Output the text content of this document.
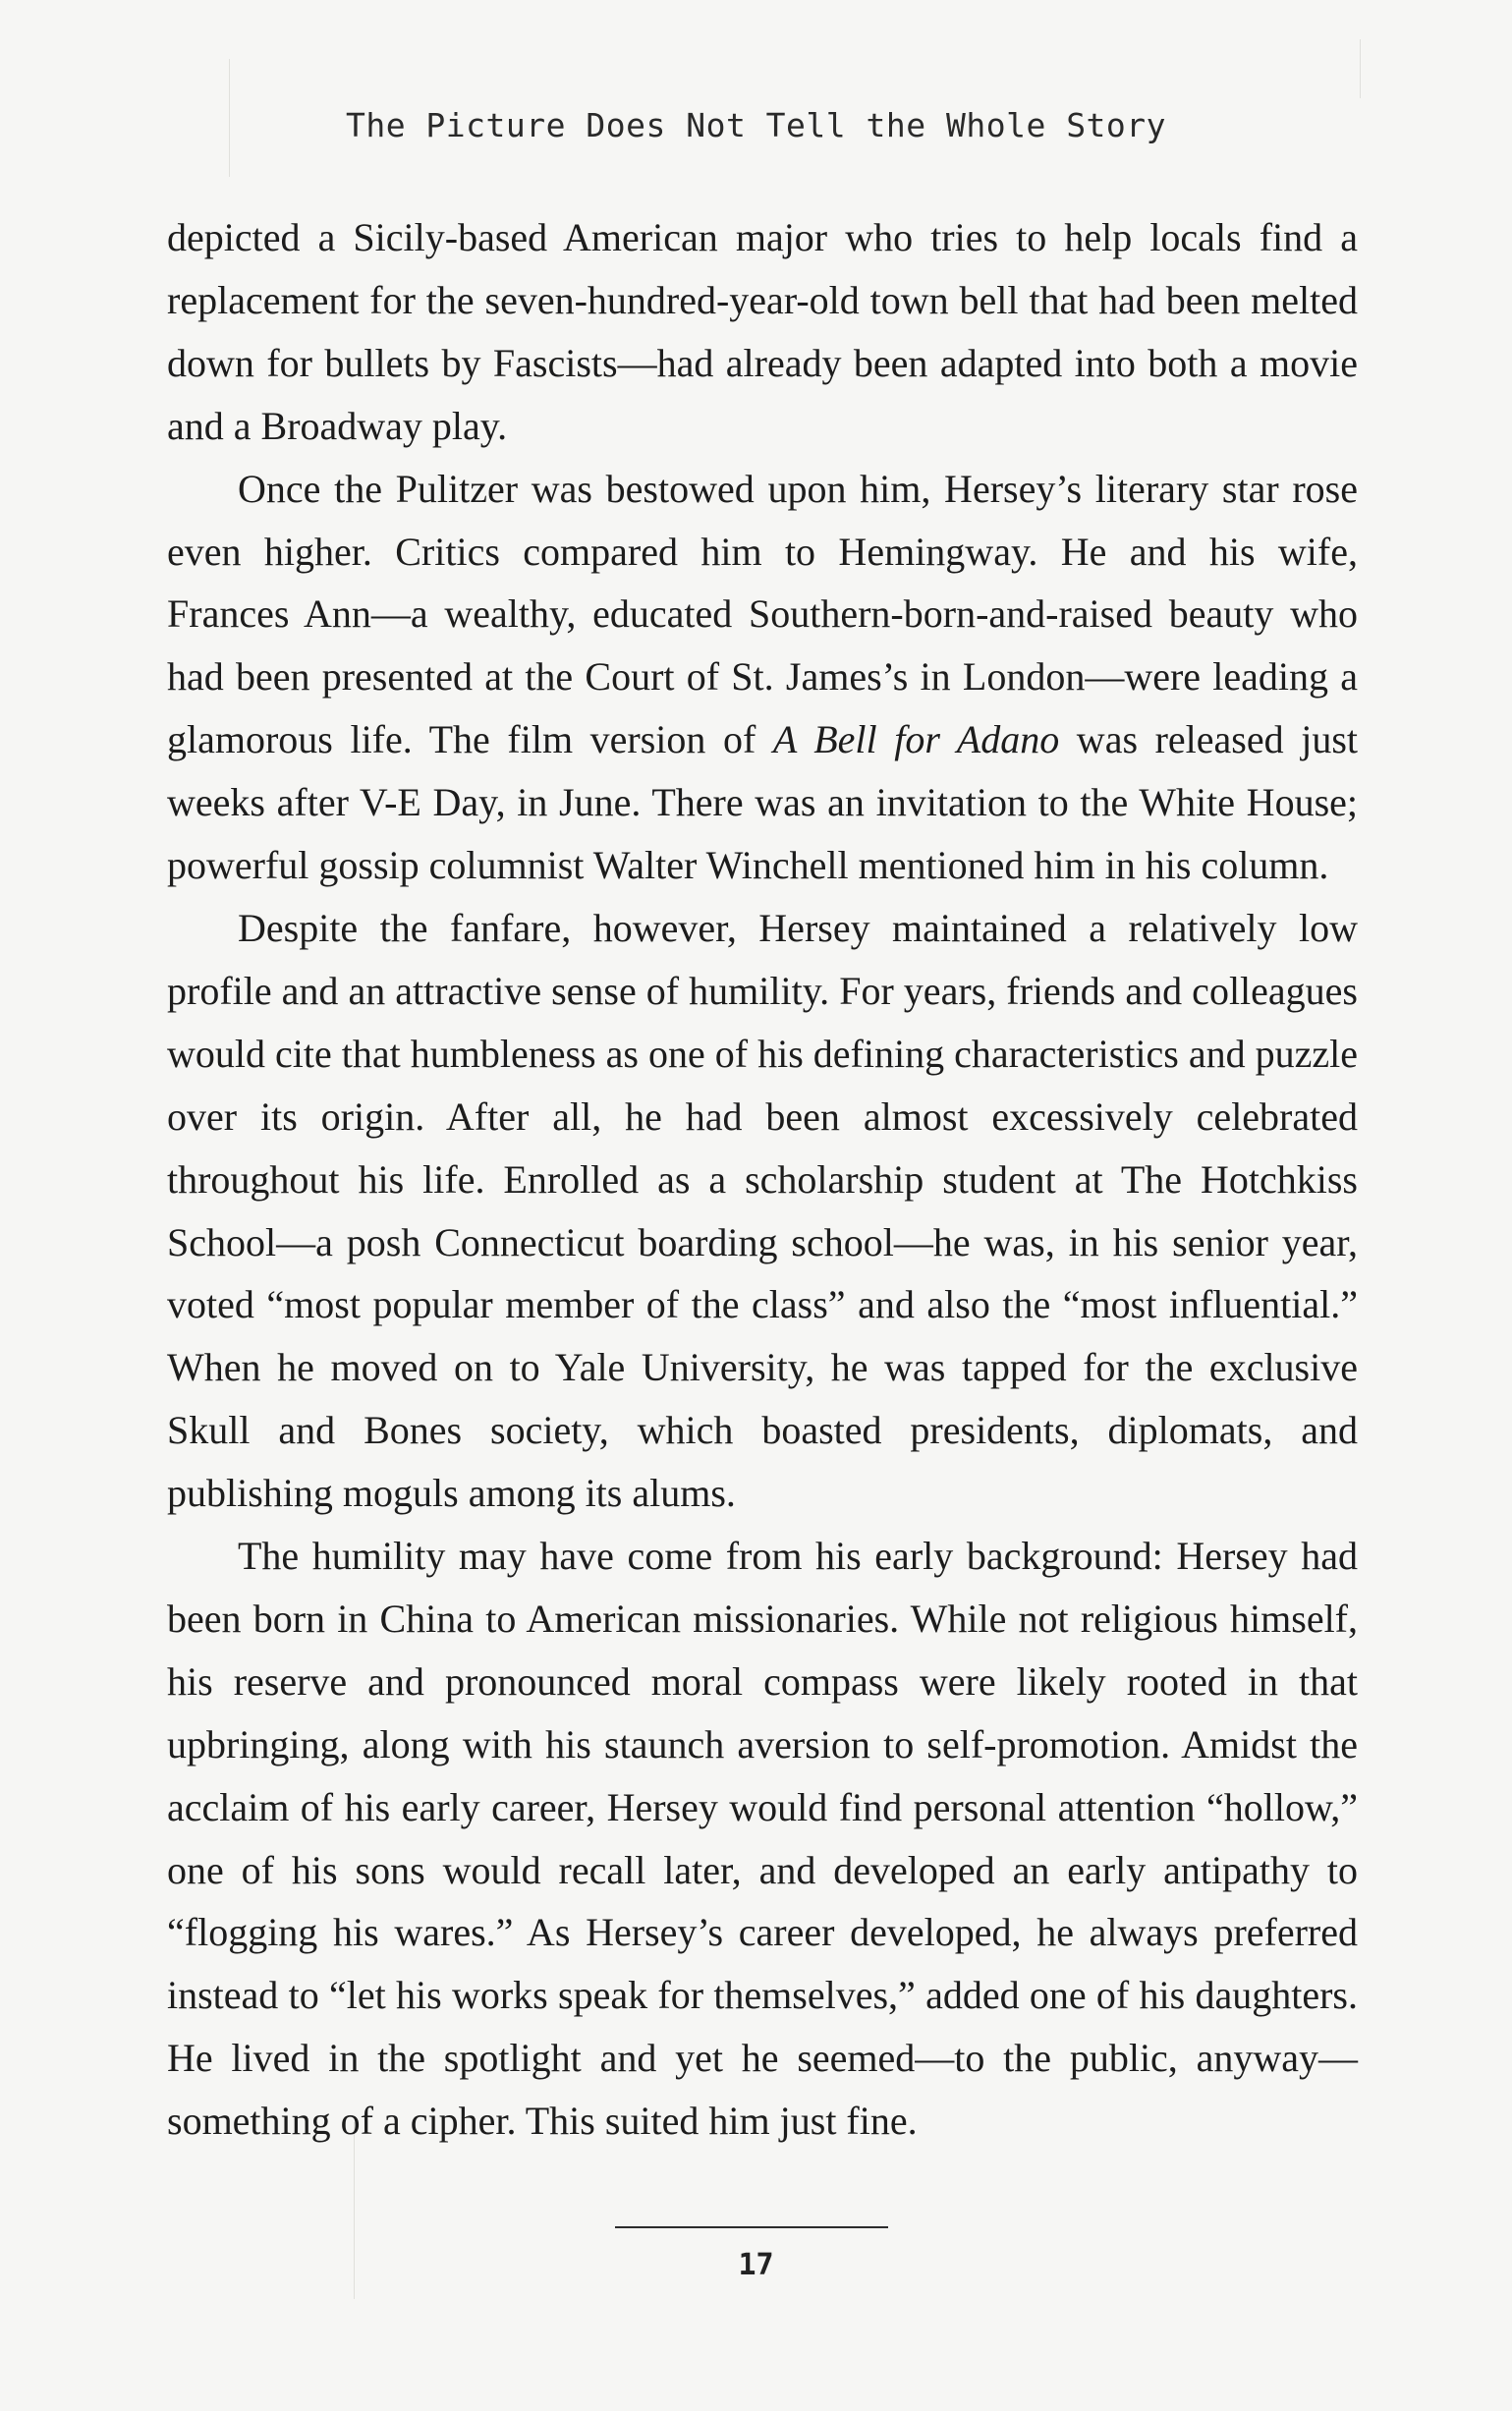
The Picture Does Not Tell the Whole Story

depicted a Sicily-based American major who tries to help locals find a replacement for the seven-hundred-year-old town bell that had been melted down for bullets by Fascists—had already been adapted into both a movie and a Broadway play.

Once the Pulitzer was bestowed upon him, Hersey’s literary star rose even higher. Critics compared him to Hemingway. He and his wife, Frances Ann—a wealthy, educated Southern-born-and-raised beauty who had been presented at the Court of St. James’s in London—were leading a glamorous life. The film version of A Bell for Adano was released just weeks after V-E Day, in June. There was an invitation to the White House; powerful gossip columnist Walter Winchell mentioned him in his column.

Despite the fanfare, however, Hersey maintained a relatively low profile and an attractive sense of humility. For years, friends and colleagues would cite that humbleness as one of his defining characteristics and puzzle over its origin. After all, he had been almost excessively celebrated throughout his life. Enrolled as a scholarship student at The Hotchkiss School—a posh Connecticut boarding school—he was, in his senior year, voted “most popular member of the class” and also the “most influential.” When he moved on to Yale University, he was tapped for the exclusive Skull and Bones society, which boasted presidents, diplomats, and publishing moguls among its alums.

The humility may have come from his early background: Hersey had been born in China to American missionaries. While not religious himself, his reserve and pronounced moral compass were likely rooted in that upbringing, along with his staunch aversion to self-promotion. Amidst the acclaim of his early career, Hersey would find personal attention “hollow,” one of his sons would recall later, and developed an early antipathy to “flogging his wares.” As Hersey’s career developed, he always preferred instead to “let his works speak for themselves,” added one of his daughters. He lived in the spotlight and yet he seemed—to the public, anyway—something of a cipher. This suited him just fine.

17
